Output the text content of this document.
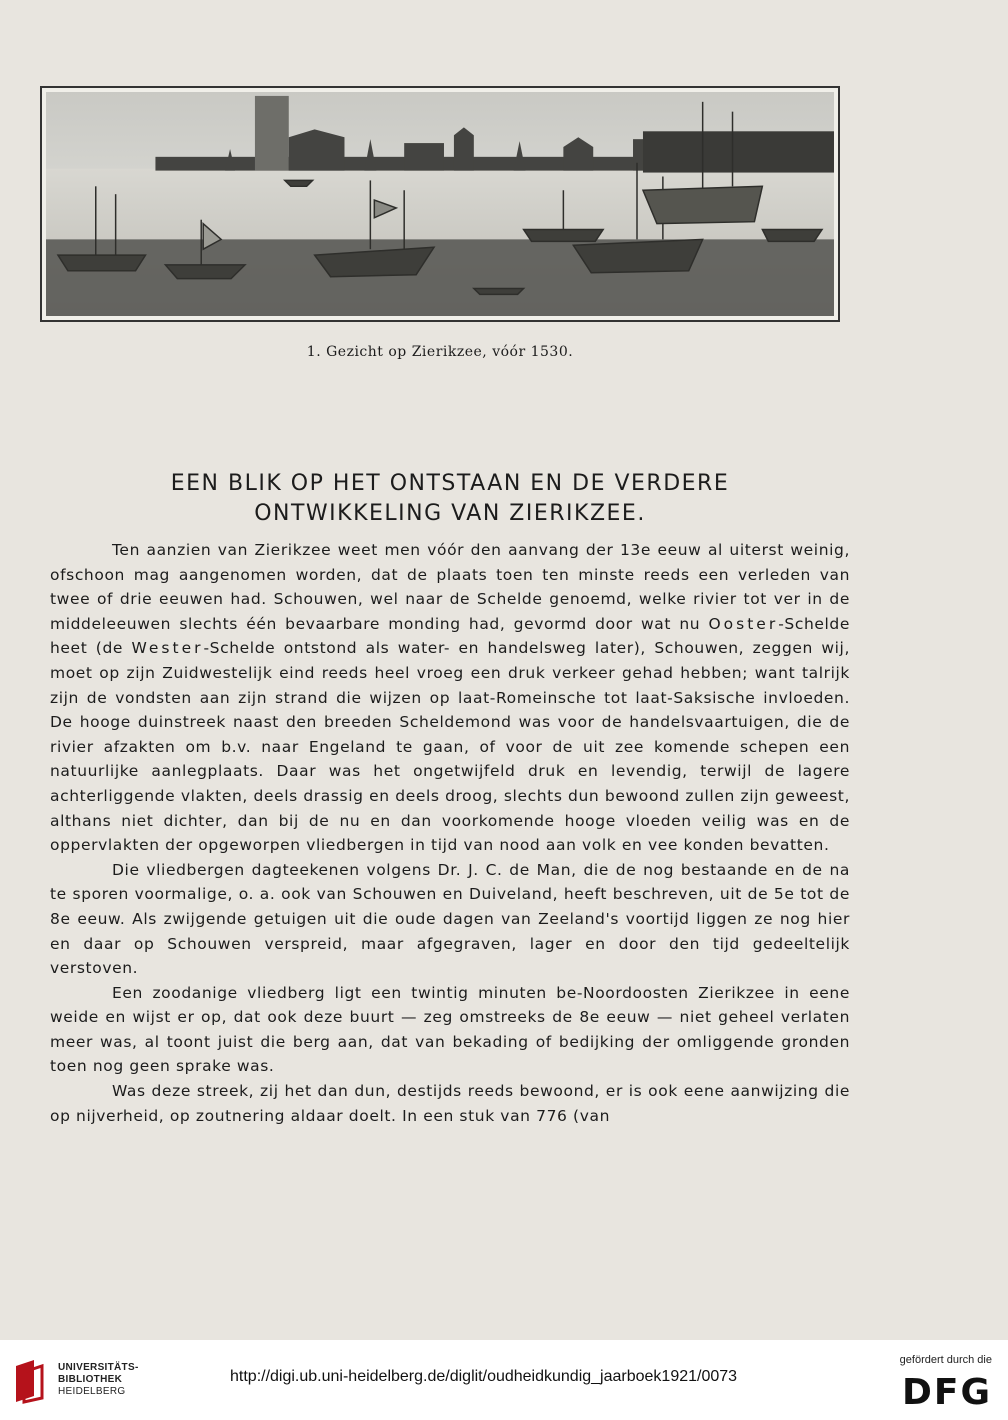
1. Gezicht op Zierikzee, vóór 1530.
EEN BLIK OP HET ONTSTAAN EN DE VERDERE
ONTWIKKELING VAN ZIERIKZEE.

Ten aanzien van Zierikzee weet men vóór den aanvang der 13e eeuw al uiterst weinig, ofschoon mag aangenomen worden, dat de plaats toen ten minste reeds een verleden van twee of drie eeuwen had. Schouwen, wel naar de Schelde genoemd, welke rivier tot ver in de middeleeuwen slechts één bevaarbare monding had, gevormd door wat nu Ooster-Schelde heet (de Wester-Schelde ontstond als water- en handelsweg later), Schouwen, zeggen wij, moet op zijn Zuidwestelijk eind reeds heel vroeg een druk verkeer gehad hebben; want talrijk zijn de vondsten aan zijn strand die wijzen op laat-Romeinsche tot laat-Saksische invloeden. De hooge duinstreek naast den breeden Scheldemond was voor de handelsvaartuigen, die de rivier afzakten om b.v. naar Engeland te gaan, of voor de uit zee komende schepen een natuurlijke aanlegplaats. Daar was het ongetwijfeld druk en levendig, terwijl de lagere achterliggende vlakten, deels drassig en deels droog, slechts dun bewoond zullen zijn geweest, althans niet dichter, dan bij de nu en dan voorkomende hooge vloeden veilig was en de oppervlakten der opgeworpen vliedbergen in tijd van nood aan volk en vee konden bevatten.

Die vliedbergen dagteekenen volgens Dr. J. C. de Man, die de nog bestaande en de na te sporen voormalige, o. a. ook van Schouwen en Duiveland, heeft beschreven, uit de 5e tot de 8e eeuw. Als zwijgende getuigen uit die oude dagen van Zeeland's voortijd liggen ze nog hier en daar op Schouwen verspreid, maar afgegraven, lager en door den tijd gedeeltelijk verstoven.

Een zoodanige vliedberg ligt een twintig minuten be-Noordoosten Zierikzee in eene weide en wijst er op, dat ook deze buurt — zeg omstreeks de 8e eeuw — niet geheel verlaten meer was, al toont juist die berg aan, dat van bekading of bedijking der omliggende gronden toen nog geen sprake was.

Was deze streek, zij het dan dun, destijds reeds bewoond, er is ook eene aanwijzing die op nijverheid, op zoutnering aldaar doelt. In een stuk van 776 (van

UNIVERSITÄTS-
BIBLIOTHEK
HEIDELBERG
http://digi.ub.uni-heidelberg.de/diglit/oudheidkundig_jaarboek1921/0073
gefördert durch die
DFG
